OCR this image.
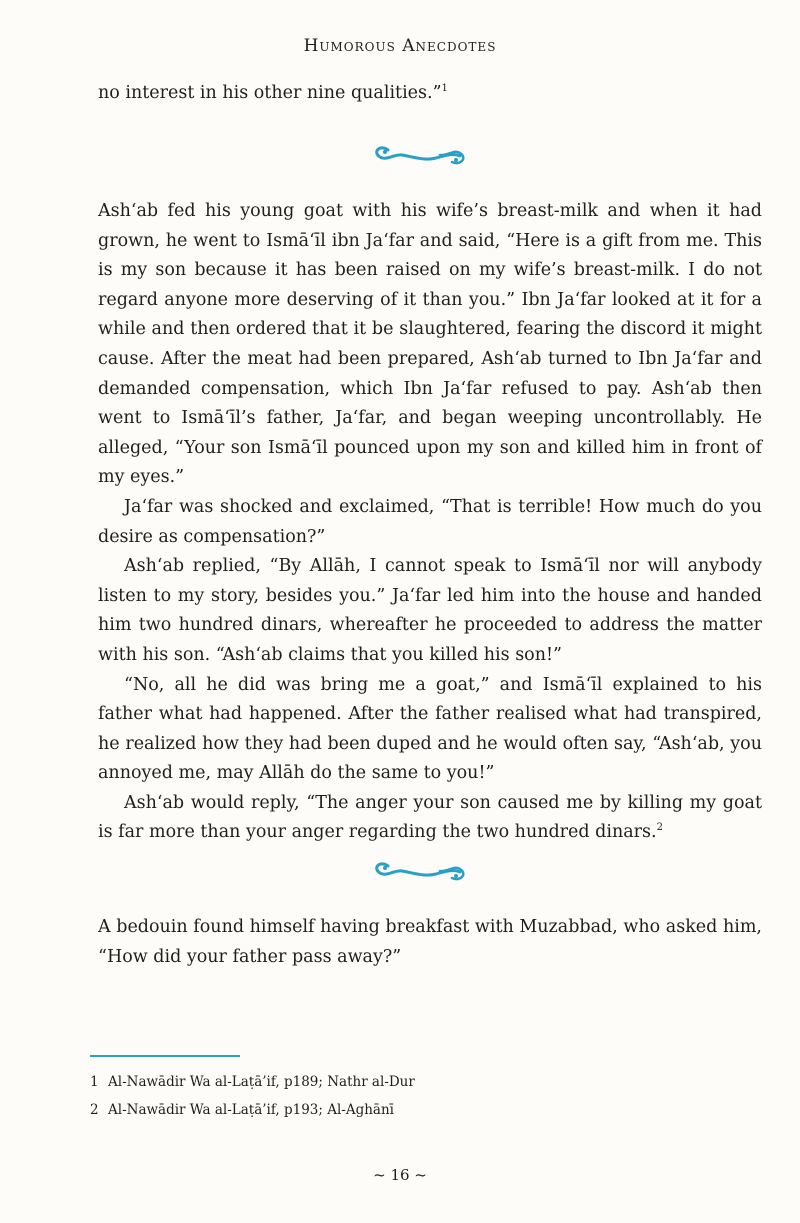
Humorous Anecdotes

no interest in his other nine qualities.”$^1$

Ash‘ab fed his young goat with his wife’s breast-milk and when it had grown, he went to Ismā‘īl ibn Ja‘far and said, “Here is a gift from me. This is my son because it has been raised on my wife’s breast-milk. I do not regard anyone more deserving of it than you.” Ibn Ja‘far looked at it for a while and then ordered that it be slaughtered, fearing the discord it might cause. After the meat had been prepared, Ash‘ab turned to Ibn Ja‘far and demanded compensation, which Ibn Ja‘far refused to pay. Ash‘ab then went to Ismā‘īl’s father, Ja‘far, and began weeping uncontrollably. He alleged, “Your son Ismā‘īl pounced upon my son and killed him in front of my eyes.”

Ja‘far was shocked and exclaimed, “That is terrible! How much do you desire as compensation?”

Ash‘ab replied, “By Allāh, I cannot speak to Ismā‘īl nor will anybody listen to my story, besides you.” Ja‘far led him into the house and handed him two hundred dinars, whereafter he proceeded to address the matter with his son. “Ash‘ab claims that you killed his son!”

“No, all he did was bring me a goat,” and Ismā‘īl explained to his father what had happened. After the father realised what had transpired, he realized how they had been duped and he would often say, “Ash‘ab, you annoyed me, may Allāh do the same to you!”

Ash‘ab would reply, “The anger your son caused me by killing my goat is far more than your anger regarding the two hundred dinars.$^2$

A bedouin found himself having breakfast with Muzabbad, who asked him, “How did your father pass away?”

1 Al-Nawādir Wa al-Laṭā’if, p189; Nathr al-Dur
2 Al-Nawādir Wa al-Laṭā’if, p193; Al-Aghānī
~ 16 ~
